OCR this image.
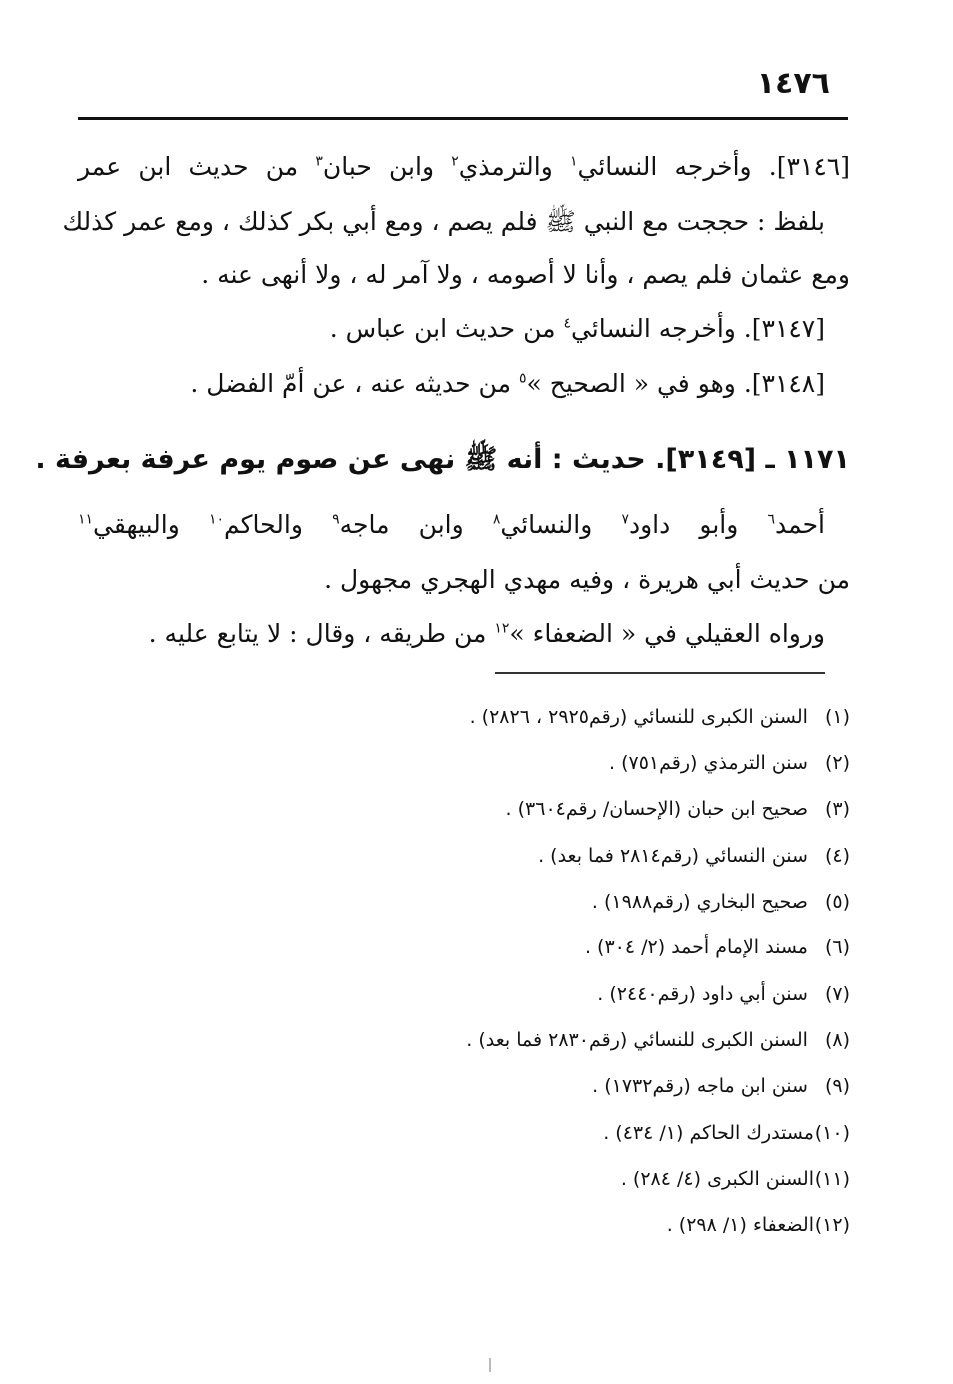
١٤٧٦
[٣١٤٦]. وأخرجه النسائي$^١$ والترمذي$^٢$ وابن حبان$^٣$ من حديث ابن عمر
بلفظ : حججت مع النبي ﷺ فلم يصم ، ومع أبي بكر كذلك ، ومع عمر كذلك
ومع عثمان فلم يصم ، وأنا لا أصومه ، ولا آمر له ، ولا أنهى عنه .
[٣١٤٧]. وأخرجه النسائي$^٤$ من حديث ابن عباس .
[٣١٤٨]. وهو في « الصحيح »$^٥$ من حديثه عنه ، عن أمّ الفضل .
١١٧١ ـ [٣١٤٩]. حديث : أنه ﷺ نهى عن صوم يوم عرفة بعرفة .
أحمد$^٦$ وأبو داود$^٧$ والنسائي$^٨$ وابن ماجه$^٩$ والحاكم$^{١٠}$ والبيهقي$^{١١}$
من حديث أبي هريرة ، وفيه مهدي الهجري مجهول .
ورواه العقيلي في « الضعفاء »$^{١٢}$ من طريقه ، وقال : لا يتابع عليه .
(١) السنن الكبرى للنسائي (رقم٢٩٢٥ ، ٢٨٢٦) .
(٢) سنن الترمذي (رقم٧٥١) .
(٣) صحيح ابن حبان (الإحسان/ رقم٣٦٠٤) .
(٤) سنن النسائي (رقم٢٨١٤ فما بعد) .
(٥) صحيح البخاري (رقم١٩٨٨) .
(٦) مسند الإمام أحمد (٢/ ٣٠٤) .
(٧) سنن أبي داود (رقم٢٤٤٠) .
(٨) السنن الكبرى للنسائي (رقم٢٨٣٠ فما بعد) .
(٩) سنن ابن ماجه (رقم١٧٣٢) .
(١٠)مستدرك الحاكم (١/ ٤٣٤) .
(١١)السنن الكبرى (٤/ ٢٨٤) .
(١٢)الضعفاء (١/ ٢٩٨) .
